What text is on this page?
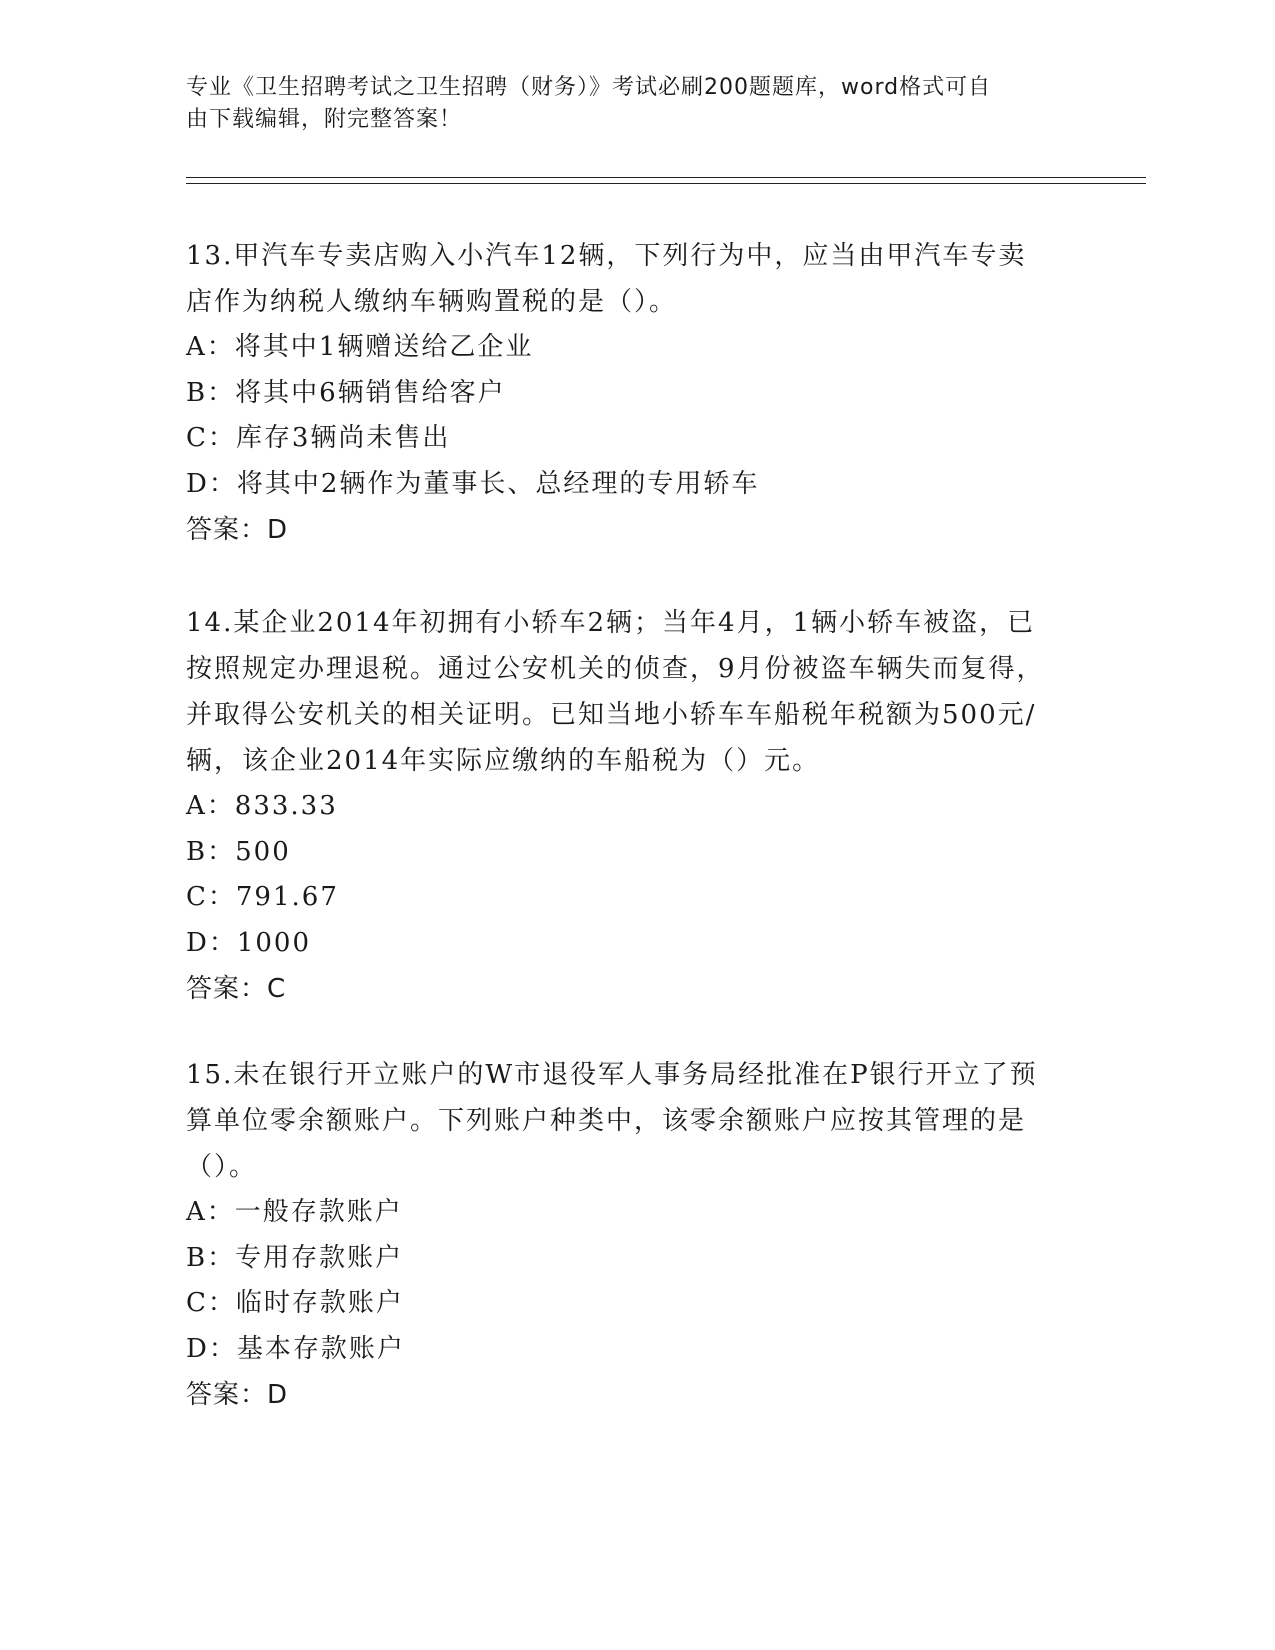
专业《卫生招聘考试之卫生招聘（财务）》考试必刷200题题库，word格式可自
由下载编辑，附完整答案！
13.甲汽车专卖店购入小汽车12辆，下列行为中，应当由甲汽车专卖
店作为纳税人缴纳车辆购置税的是（）。
A：将其中1辆赠送给乙企业
B：将其中6辆销售给客户
C：库存3辆尚未售出
D：将其中2辆作为董事长、总经理的专用轿车
答案：D
14.某企业2014年初拥有小轿车2辆；当年4月，1辆小轿车被盗，已
按照规定办理退税。通过公安机关的侦查，9月份被盗车辆失而复得，
并取得公安机关的相关证明。已知当地小轿车车船税年税额为500元/
辆，该企业2014年实际应缴纳的车船税为（）元。
A：833.33
B：500
C：791.67
D：1000
答案：C
15.未在银行开立账户的W市退役军人事务局经批准在P银行开立了预
算单位零余额账户。下列账户种类中，该零余额账户应按其管理的是
（）。
A：一般存款账户
B：专用存款账户
C：临时存款账户
D：基本存款账户
答案：D
